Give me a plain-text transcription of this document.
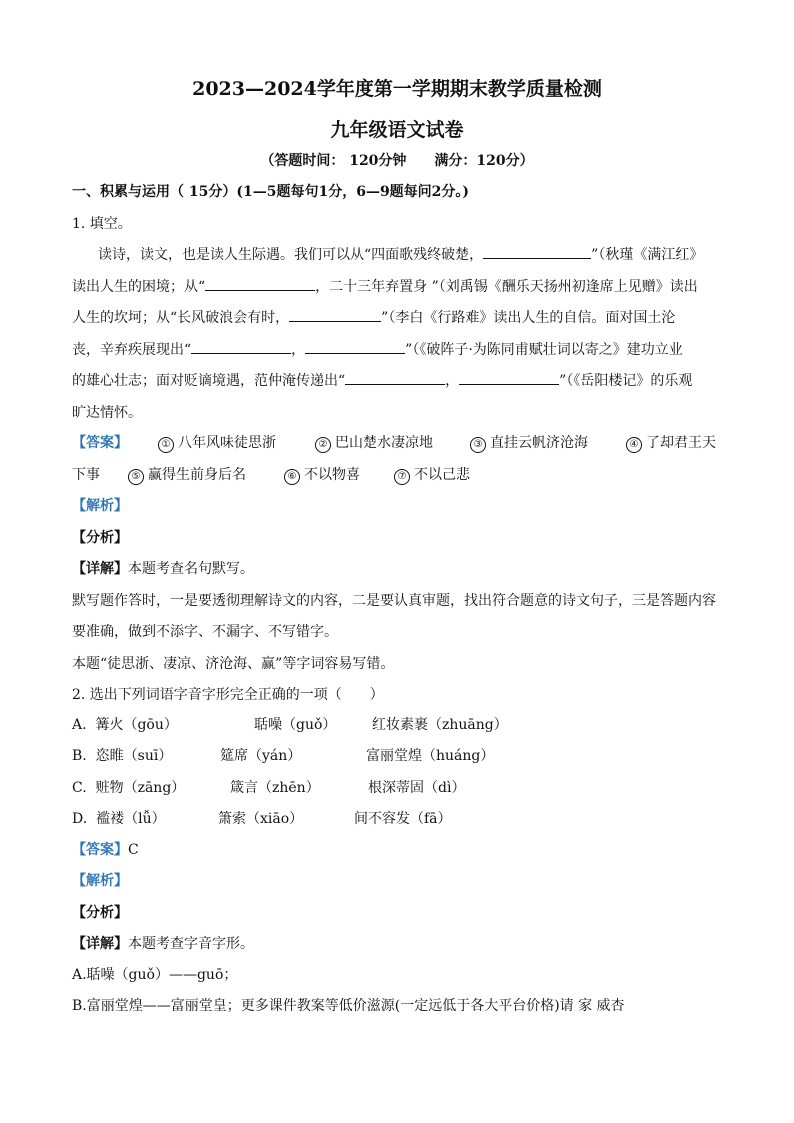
2023—2024学年度第一学期期末教学质量检测
九年级语文试卷
（答题时间： 120分钟　　满分：120分）
一、积累与运用（ 15分）(1—5题每句1分，6—9题每问2分。)
1. 填空。
读诗，读文，也是读人生际遇。我们可以从“四面歌残终破楚，	”（秋瑾《满江红》
读出人生的困境；从“	，二十三年弃置身 ”（刘禹锡《酬乐天扬州初逢席上见赠》读出
人生的坎坷；从“长风破浪会有时，	”（李白《行路难》读出人生的自信。面对国土沦
丧，辛弃疾展现出“	，	”（《破阵子·为陈同甫赋壮词以寄之》建功立业
的雄心壮志；面对贬谪境遇，范仲淹传递出“	，	”（《岳阳楼记》的乐观
旷达情怀。
【答案】	① 八年风味徒思浙	② 巴山楚水凄凉地	③ 直挂云帆济沧海	④ 了却君王天
下事	⑤ 赢得生前身后名	⑥ 不以物喜	⑦ 不以己悲
【解析】
【分析】
【详解】本题考查名句默写。
默写题作答时，一是要透彻理解诗文的内容，二是要认真审题，找出符合题意的诗文句子，三是答题内容
要准确，做到不添字、不漏字、不写错字。
本题“徒思浙、凄凉、济沧海、赢”等字词容易写错。
2. 选出下列词语字音字形完全正确的一项（　　）
A. 篝火（gōu）	聒噪（guǒ）	红妆素裹（zhuāng）
B. 恣睢（suī）	筵席（yán）	富丽堂煌（huáng）
C. 赃物（zāng）	箴言（zhēn）	根深蒂固（dì）
D. 褴褛（lǚ）	箫索（xiāo）	间不容发（fā）
【答案】C
【解析】
【分析】
【详解】本题考查字音字形。
A.聒噪（guǒ）——guō；
B.富丽堂煌——富丽堂皇；更多课件教案等低价滋源(一定远低于各大平台价格)请 家 威杏
